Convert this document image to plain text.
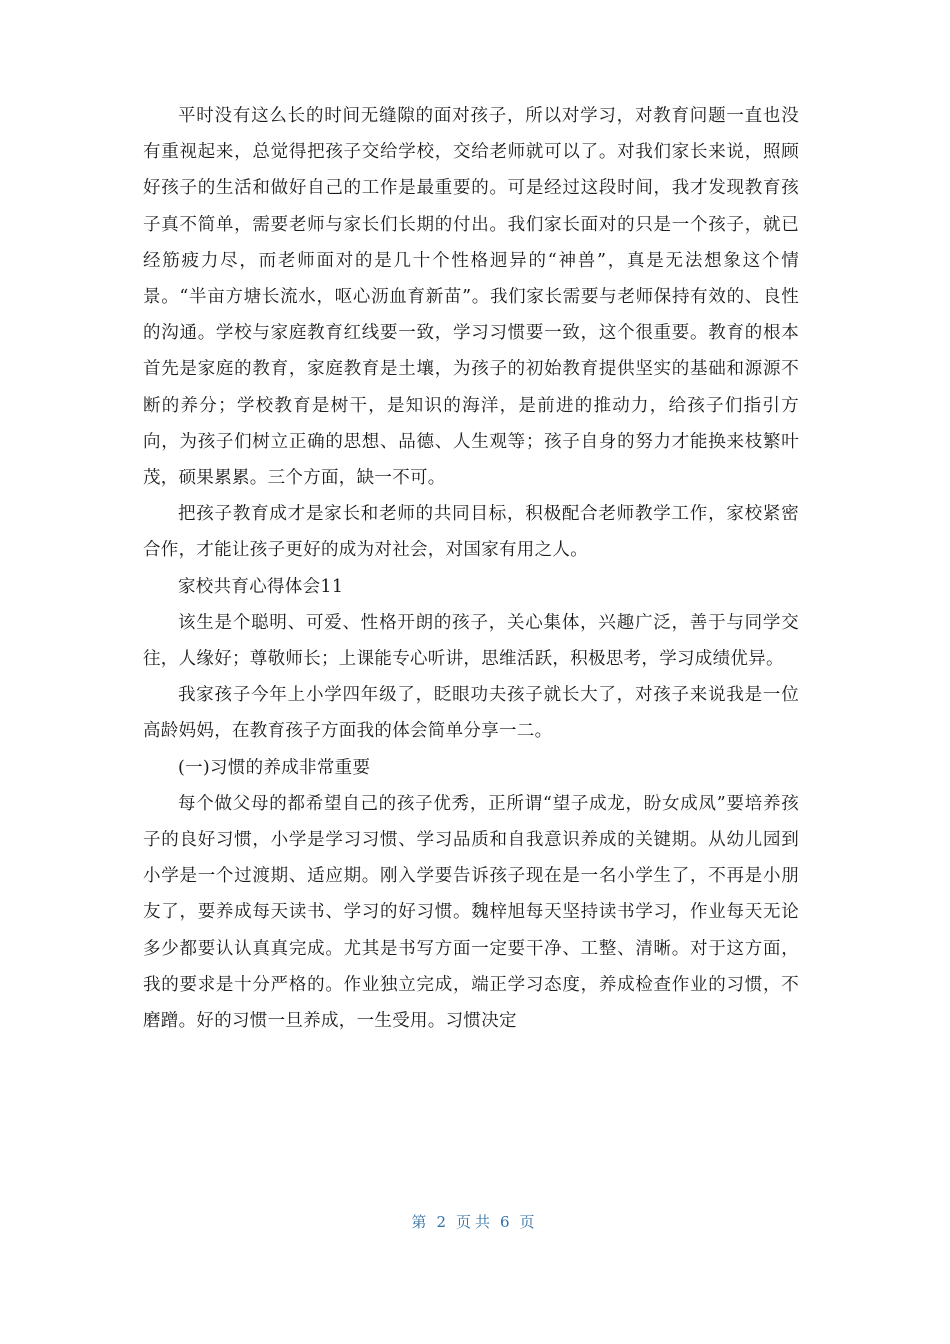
平时没有这么长的时间无缝隙的面对孩子，所以对学习，对教育问题一直也没有重视起来，总觉得把孩子交给学校，交给老师就可以了。对我们家长来说，照顾好孩子的生活和做好自己的工作是最重要的。可是经过这段时间，我才发现教育孩子真不简单，需要老师与家长们长期的付出。我们家长面对的只是一个孩子，就已经筋疲力尽，而老师面对的是几十个性格迥异的“神兽”，真是无法想象这个情景。“半亩方塘长流水，呕心沥血育新苗”。我们家长需要与老师保持有效的、良性的沟通。学校与家庭教育红线要一致，学习习惯要一致，这个很重要。教育的根本首先是家庭的教育，家庭教育是土壤，为孩子的初始教育提供坚实的基础和源源不断的养分；学校教育是树干，是知识的海洋，是前进的推动力，给孩子们指引方向，为孩子们树立正确的思想、品德、人生观等；孩子自身的努力才能换来枝繁叶茂，硕果累累。三个方面，缺一不可。

把孩子教育成才是家长和老师的共同目标，积极配合老师教学工作，家校紧密合作，才能让孩子更好的成为对社会，对国家有用之人。

家校共育心得体会11

该生是个聪明、可爱、性格开朗的孩子，关心集体，兴趣广泛，善于与同学交往，人缘好；尊敬师长；上课能专心听讲，思维活跃，积极思考，学习成绩优异。

我家孩子今年上小学四年级了，眨眼功夫孩子就长大了，对孩子来说我是一位高龄妈妈，在教育孩子方面我的体会简单分享一二。

(一)习惯的养成非常重要

每个做父母的都希望自己的孩子优秀，正所谓“望子成龙，盼女成凤”要培养孩子的良好习惯，小学是学习习惯、学习品质和自我意识养成的关键期。从幼儿园到小学是一个过渡期、适应期。刚入学要告诉孩子现在是一名小学生了，不再是小朋友了，要养成每天读书、学习的好习惯。魏梓旭每天坚持读书学习，作业每天无论多少都要认认真真完成。尤其是书写方面一定要干净、工整、清晰。对于这方面，我的要求是十分严格的。作业独立完成，端正学习态度，养成检查作业的习惯，不磨蹭。好的习惯一旦养成，一生受用。习惯决定

第 2 页共 6 页
